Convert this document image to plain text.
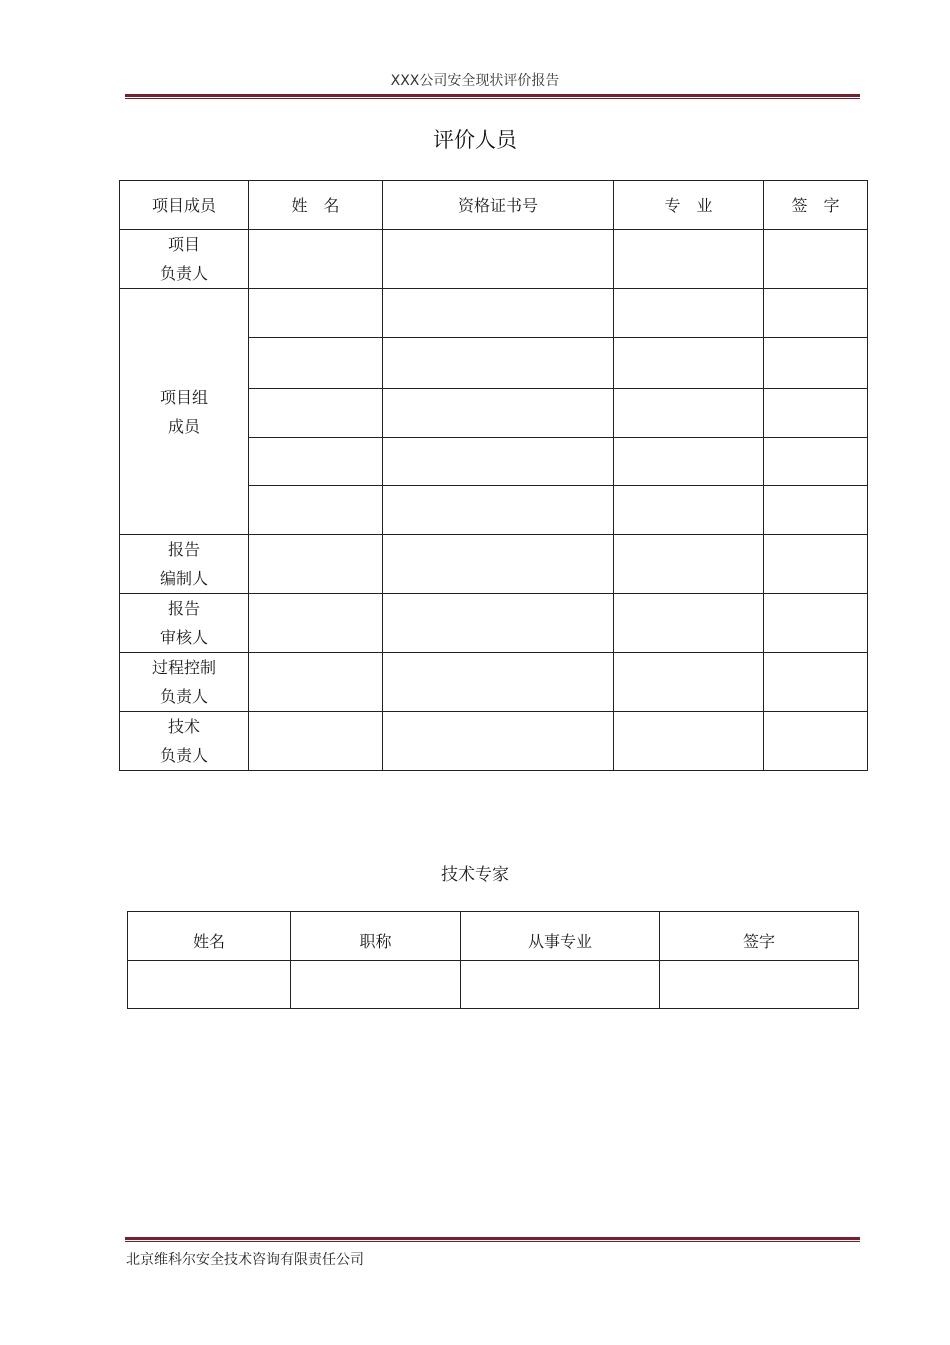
XXX公司安全现状评价报告
评价人员
项目成员	姓　名	资格证书号	专　业	签　字

项目
负责人				

项目组
成员				

报告
编制人				

报告
审核人				

过程控制
负责人				

技术
负责人				

技术专家
姓名	职称	从事专业	签字

北京维科尔安全技术咨询有限责任公司
